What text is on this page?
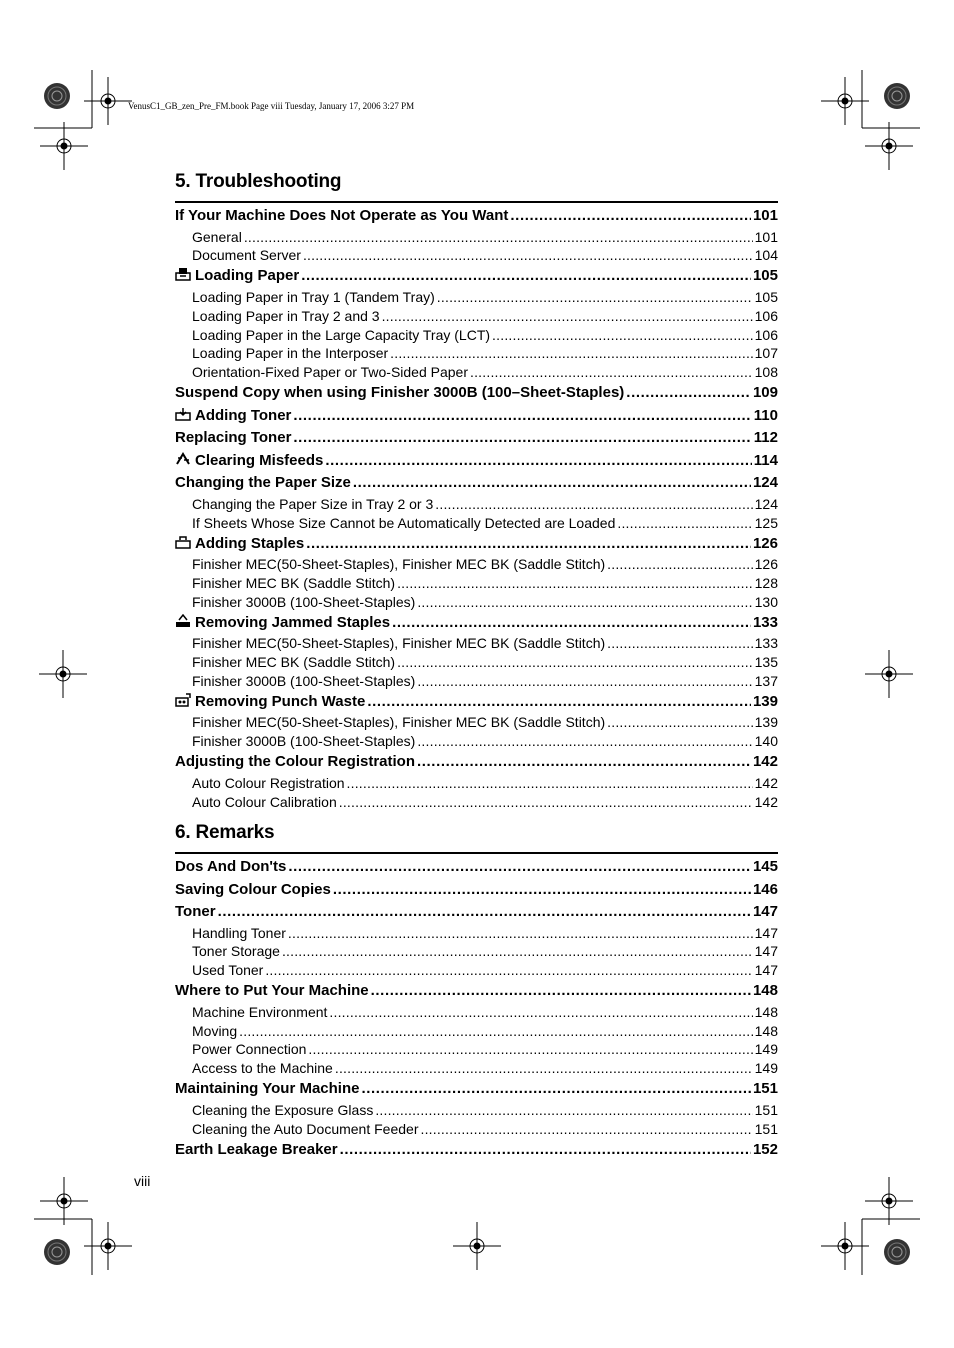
VenusC1_GB_zen_Pre_FM.book Page viii Tuesday, January 17, 2006 3:27 PM
5. Troubleshooting
If Your Machine Does Not Operate as You Want .....	101
General .....	101
Document Server .....	104
Loading Paper .....	105
Loading Paper in Tray 1 (Tandem Tray) .....	105
Loading Paper in Tray 2 and 3 .....	106
Loading Paper in the Large Capacity Tray (LCT) .....	106
Loading Paper in the Interposer .....	107
Orientation-Fixed Paper or Two-Sided Paper .....	108
Suspend Copy when using Finisher 3000B (100–Sheet-Staples) .....	109
Adding Toner .....	110
Replacing Toner .....	112
Clearing Misfeeds .....	114
Changing the Paper Size .....	124
Changing the Paper Size in Tray 2 or 3 .....	124
If Sheets Whose Size Cannot be Automatically Detected are Loaded .....	125
Adding Staples .....	126
Finisher MEC(50-Sheet-Staples), Finisher MEC BK (Saddle Stitch) .....	126
Finisher MEC BK (Saddle Stitch) .....	128
Finisher 3000B (100-Sheet-Staples) .....	130
Removing Jammed Staples .....	133
Finisher MEC(50-Sheet-Staples), Finisher MEC BK (Saddle Stitch) .....	133
Finisher MEC BK (Saddle Stitch) .....	135
Finisher 3000B (100-Sheet-Staples) .....	137
Removing Punch Waste .....	139
Finisher MEC(50-Sheet-Staples), Finisher MEC BK (Saddle Stitch) .....	139
Finisher 3000B (100-Sheet-Staples) .....	140
Adjusting the Colour Registration .....	142
Auto Colour Registration .....	142
Auto Colour Calibration .....	142
6. Remarks
Dos And Don'ts .....	145
Saving Colour Copies .....	146
Toner .....	147
Handling Toner .....	147
Toner Storage .....	147
Used Toner .....	147
Where to Put Your Machine .....	148
Machine Environment .....	148
Moving .....	148
Power Connection .....	149
Access to the Machine .....	149
Maintaining Your Machine .....	151
Cleaning the Exposure Glass .....	151
Cleaning the Auto Document Feeder .....	151
Earth Leakage Breaker .....	152
viii
